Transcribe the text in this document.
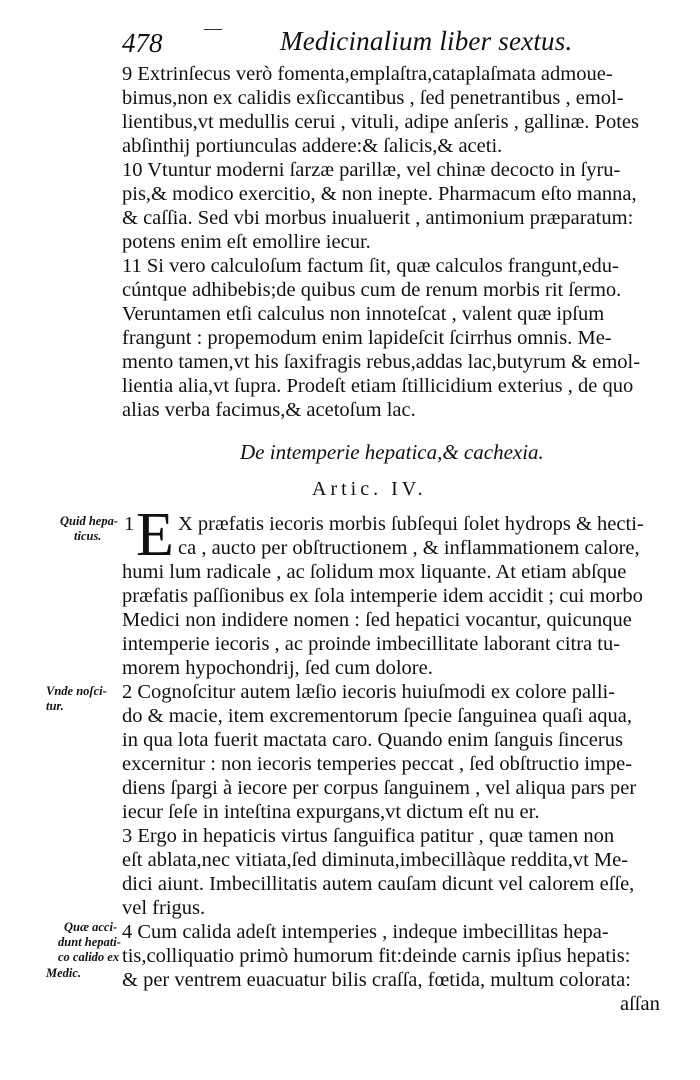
478 — Medicinalium liber sextus.
9 Extrinſecus verò fomenta,emplaſtra,cataplaſmata admoue-
bimus,non ex calidis exſiccantibus , ſed penetrantibus , emol-
lientibus,vt medullis cerui , vituli, adipe anſeris , gallinæ. Potes
abſinthij portiunculas addere:& ſalicis,& aceti.
10 Vtuntur moderni ſarzæ parillæ, vel chinæ decocto in ſyru-
pis,& modico exercitio, & non inepte. Pharmacum eſto manna,
& caſſia. Sed vbi morbus inualuerit , antimonium præparatum:
potens enim eſt emollire iecur.
11 Si vero calculoſum factum ſit, quæ calculos frangunt,edu-
cúntque adhibebis;de quibus cum de renum morbis rit ſermo.
Veruntamen etſi calculus non innoteſcat , valent quæ ipſum
frangunt : propemodum enim lapideſcit ſcirrhus omnis. Me-
mento tamen,vt his ſaxifragis rebus,addas lac,butyrum & emol-
lientia alia,vt ſupra. Prodeſt etiam ſtillicidium exterius , de quo
alias verba facimus,& acetoſum lac.
De intemperie hepatica,& cachexia.
Artic. IV.
1 E X præfatis iecoris morbis ſubſequi ſolet hydrops & hecti-
ca , aucto per obſtructionem , & inflammationem calore,
humi lum radicale , ac ſolidum mox liquante. At etiam abſque
præfatis paſſionibus ex ſola intemperie idem accidit ; cui morbo
Medici non indidere nomen : ſed hepatici vocantur, quicunque
intemperie iecoris , ac proinde imbecillitate laborant citra tu-
morem hypochondrij, ſed cum dolore.
2 Cognoſcitur autem læſio iecoris huiuſmodi ex colore palli-
do & macie, item excrementorum ſpecie ſanguinea quaſi aqua,
in qua lota fuerit mactata caro. Quando enim ſanguis ſincerus
excernitur : non iecoris temperies peccat , ſed obſtructio impe-
diens ſpargi à iecore per corpus ſanguinem , vel aliqua pars per
iecur ſeſe in inteſtina expurgans,vt dictum eſt nu er.
3 Ergo in hepaticis virtus ſanguifica patitur , quæ tamen non
eſt ablata,nec vitiata,ſed diminuta,imbecillàque reddita,vt Me-
dici aiunt. Imbecillitatis autem cauſam dicunt vel calorem eſſe,
vel frigus.
4 Cum calida adeſt intemperies , indeque imbecillitas hepa-
tis,colliquatio primò humorum fit:deinde carnis ipſius hepatis:
& per ventrem euacuatur bilis craſſa, fœtida, multum colorata:
aſſan
Quid hepa-
ticus.
Vnde noſci-
tur.
Quæ acci-
dunt hepati-
co calido ex
Medic.
